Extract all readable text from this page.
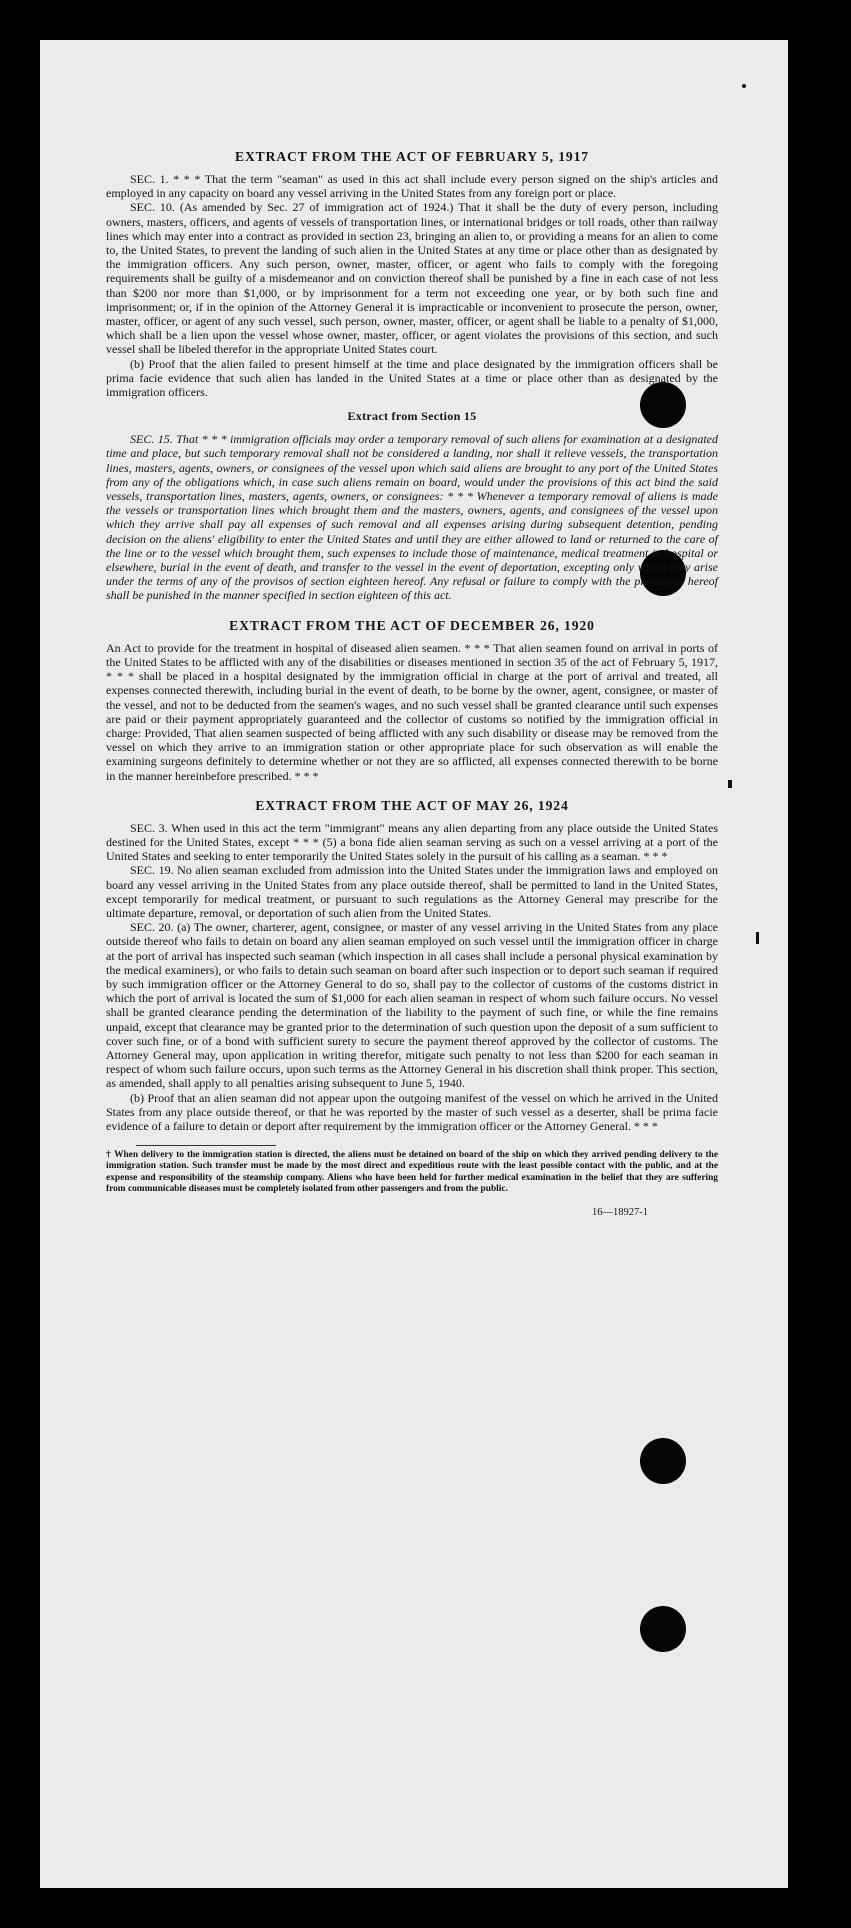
EXTRACT FROM THE ACT OF FEBRUARY 5, 1917

SEC. 1. * * * That the term "seaman" as used in this act shall include every person signed on the ship's articles and employed in any capacity on board any vessel arriving in the United States from any foreign port or place.

SEC. 10. (As amended by Sec. 27 of immigration act of 1924.) That it shall be the duty of every person, including owners, masters, officers, and agents of vessels of transportation lines, or international bridges or toll roads, other than railway lines which may enter into a contract as provided in section 23, bringing an alien to, or providing a means for an alien to come to, the United States, to prevent the landing of such alien in the United States at any time or place other than as designated by the immigration officers. Any such person, owner, master, officer, or agent who fails to comply with the foregoing requirements shall be guilty of a misdemeanor and on conviction thereof shall be punished by a fine in each case of not less than $200 nor more than $1,000, or by imprisonment for a term not exceeding one year, or by both such fine and imprisonment; or, if in the opinion of the Attorney General it is impracticable or inconvenient to prosecute the person, owner, master, officer, or agent of any such vessel, such person, owner, master, officer, or agent shall be liable to a penalty of $1,000, which shall be a lien upon the vessel whose owner, master, officer, or agent violates the provisions of this section, and such vessel shall be libeled therefor in the appropriate United States court.

(b) Proof that the alien failed to present himself at the time and place designated by the immigration officers shall be prima facie evidence that such alien has landed in the United States at a time or place other than as designated by the immigration officers.

Extract from Section 15

SEC. 15. That * * * immigration officials may order a temporary removal of such aliens for examination at a designated time and place, but such temporary removal shall not be considered a landing, nor shall it relieve vessels, the transportation lines, masters, agents, owners, or consignees of the vessel upon which said aliens are brought to any port of the United States from any of the obligations which, in case such aliens remain on board, would under the provisions of this act bind the said vessels, transportation lines, masters, agents, owners, or consignees: * * * Whenever a temporary removal of aliens is made the vessels or transportation lines which brought them and the masters, owners, agents, and consignees of the vessel upon which they arrive shall pay all expenses of such removal and all expenses arising during subsequent detention, pending decision on the aliens' eligibility to enter the United States and until they are either allowed to land or returned to the care of the line or to the vessel which brought them, such expenses to include those of maintenance, medical treatment in hospital or elsewhere, burial in the event of death, and transfer to the vessel in the event of deportation, excepting only where they arise under the terms of any of the provisos of section eighteen hereof. Any refusal or failure to comply with the provisions hereof shall be punished in the manner specified in section eighteen of this act.

EXTRACT FROM THE ACT OF DECEMBER 26, 1920

An Act to provide for the treatment in hospital of diseased alien seamen. * * * That alien seamen found on arrival in ports of the United States to be afflicted with any of the disabilities or diseases mentioned in section 35 of the act of February 5, 1917, * * * shall be placed in a hospital designated by the immigration official in charge at the port of arrival and treated, all expenses connected therewith, including burial in the event of death, to be borne by the owner, agent, consignee, or master of the vessel, and not to be deducted from the seamen's wages, and no such vessel shall be granted clearance until such expenses are paid or their payment appropriately guaranteed and the collector of customs so notified by the immigration official in charge: Provided, That alien seamen suspected of being afflicted with any such disability or disease may be removed from the vessel on which they arrive to an immigration station or other appropriate place for such observation as will enable the examining surgeons definitely to determine whether or not they are so afflicted, all expenses connected therewith to be borne in the manner hereinbefore prescribed. * * *

EXTRACT FROM THE ACT OF MAY 26, 1924

SEC. 3. When used in this act the term "immigrant" means any alien departing from any place outside the United States destined for the United States, except * * * (5) a bona fide alien seaman serving as such on a vessel arriving at a port of the United States and seeking to enter temporarily the United States solely in the pursuit of his calling as a seaman. * * *

SEC. 19. No alien seaman excluded from admission into the United States under the immigration laws and employed on board any vessel arriving in the United States from any place outside thereof, shall be permitted to land in the United States, except temporarily for medical treatment, or pursuant to such regulations as the Attorney General may prescribe for the ultimate departure, removal, or deportation of such alien from the United States.

SEC. 20. (a) The owner, charterer, agent, consignee, or master of any vessel arriving in the United States from any place outside thereof who fails to detain on board any alien seaman employed on such vessel until the immigration officer in charge at the port of arrival has inspected such seaman (which inspection in all cases shall include a personal physical examination by the medical examiners), or who fails to detain such seaman on board after such inspection or to deport such seaman if required by such immigration officer or the Attorney General to do so, shall pay to the collector of customs of the customs district in which the port of arrival is located the sum of $1,000 for each alien seaman in respect of whom such failure occurs. No vessel shall be granted clearance pending the determination of the liability to the payment of such fine, or while the fine remains unpaid, except that clearance may be granted prior to the determination of such question upon the deposit of a sum sufficient to cover such fine, or of a bond with sufficient surety to secure the payment thereof approved by the collector of customs. The Attorney General may, upon application in writing therefor, mitigate such penalty to not less than $200 for each seaman in respect of whom such failure occurs, upon such terms as the Attorney General in his discretion shall think proper. This section, as amended, shall apply to all penalties arising subsequent to June 5, 1940.

(b) Proof that an alien seaman did not appear upon the outgoing manifest of the vessel on which he arrived in the United States from any place outside thereof, or that he was reported by the master of such vessel as a deserter, shall be prima facie evidence of a failure to detain or deport after requirement by the immigration officer or the Attorney General. * * *

† When delivery to the immigration station is directed, the aliens must be detained on board of the ship on which they arrived pending delivery to the immigration station. Such transfer must be made by the most direct and expeditious route with the least possible contact with the public, and at the expense and responsibility of the steamship company. Aliens who have been held for further medical examination in the belief that they are suffering from communicable diseases must be completely isolated from other passengers and from the public.

16—18927-1
